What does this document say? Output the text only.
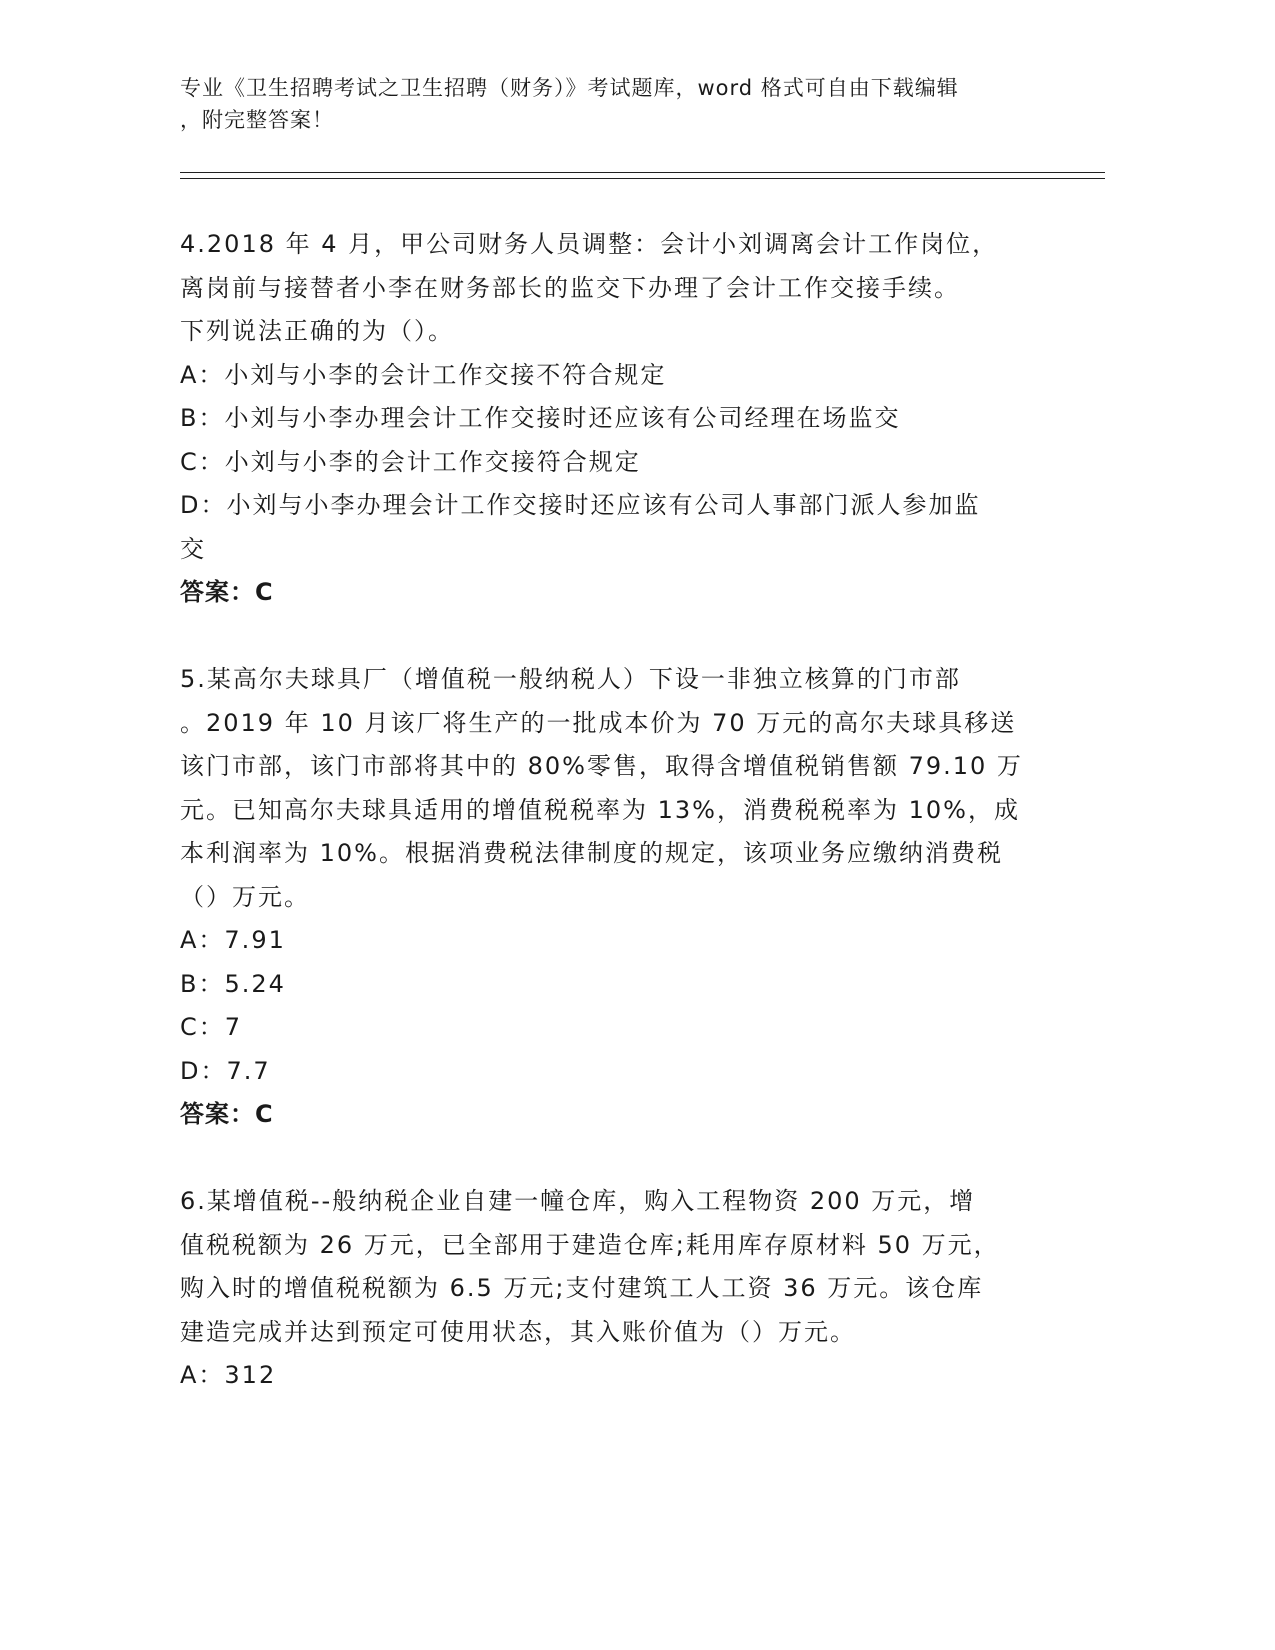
专业《卫生招聘考试之卫生招聘（财务）》考试题库，word 格式可自由下载编辑

，附完整答案！

4.2018 年 4 月，甲公司财务人员调整：会计小刘调离会计工作岗位，

离岗前与接替者小李在财务部长的监交下办理了会计工作交接手续。

下列说法正确的为（）。

A：小刘与小李的会计工作交接不符合规定

B：小刘与小李办理会计工作交接时还应该有公司经理在场监交

C：小刘与小李的会计工作交接符合规定

D：小刘与小李办理会计工作交接时还应该有公司人事部门派人参加监

交

答案：C

5.某高尔夫球具厂（增值税一般纳税人）下设一非独立核算的门市部

。2019 年 10 月该厂将生产的一批成本价为 70 万元的高尔夫球具移送

该门市部，该门市部将其中的 80%零售，取得含增值税销售额 79.10 万

元。已知高尔夫球具适用的增值税税率为 13%，消费税税率为 10%，成

本利润率为 10%。根据消费税法律制度的规定，该项业务应缴纳消费税

（）万元。

A：7.91

B：5.24

C：7

D：7.7

答案：C

6.某增值税--般纳税企业自建一幢仓库，购入工程物资 200 万元，增

值税税额为 26 万元，已全部用于建造仓库;耗用库存原材料 50 万元，

购入时的增值税税额为 6.5 万元;支付建筑工人工资 36 万元。该仓库

建造完成并达到预定可使用状态，其入账价值为（）万元。

A：312
